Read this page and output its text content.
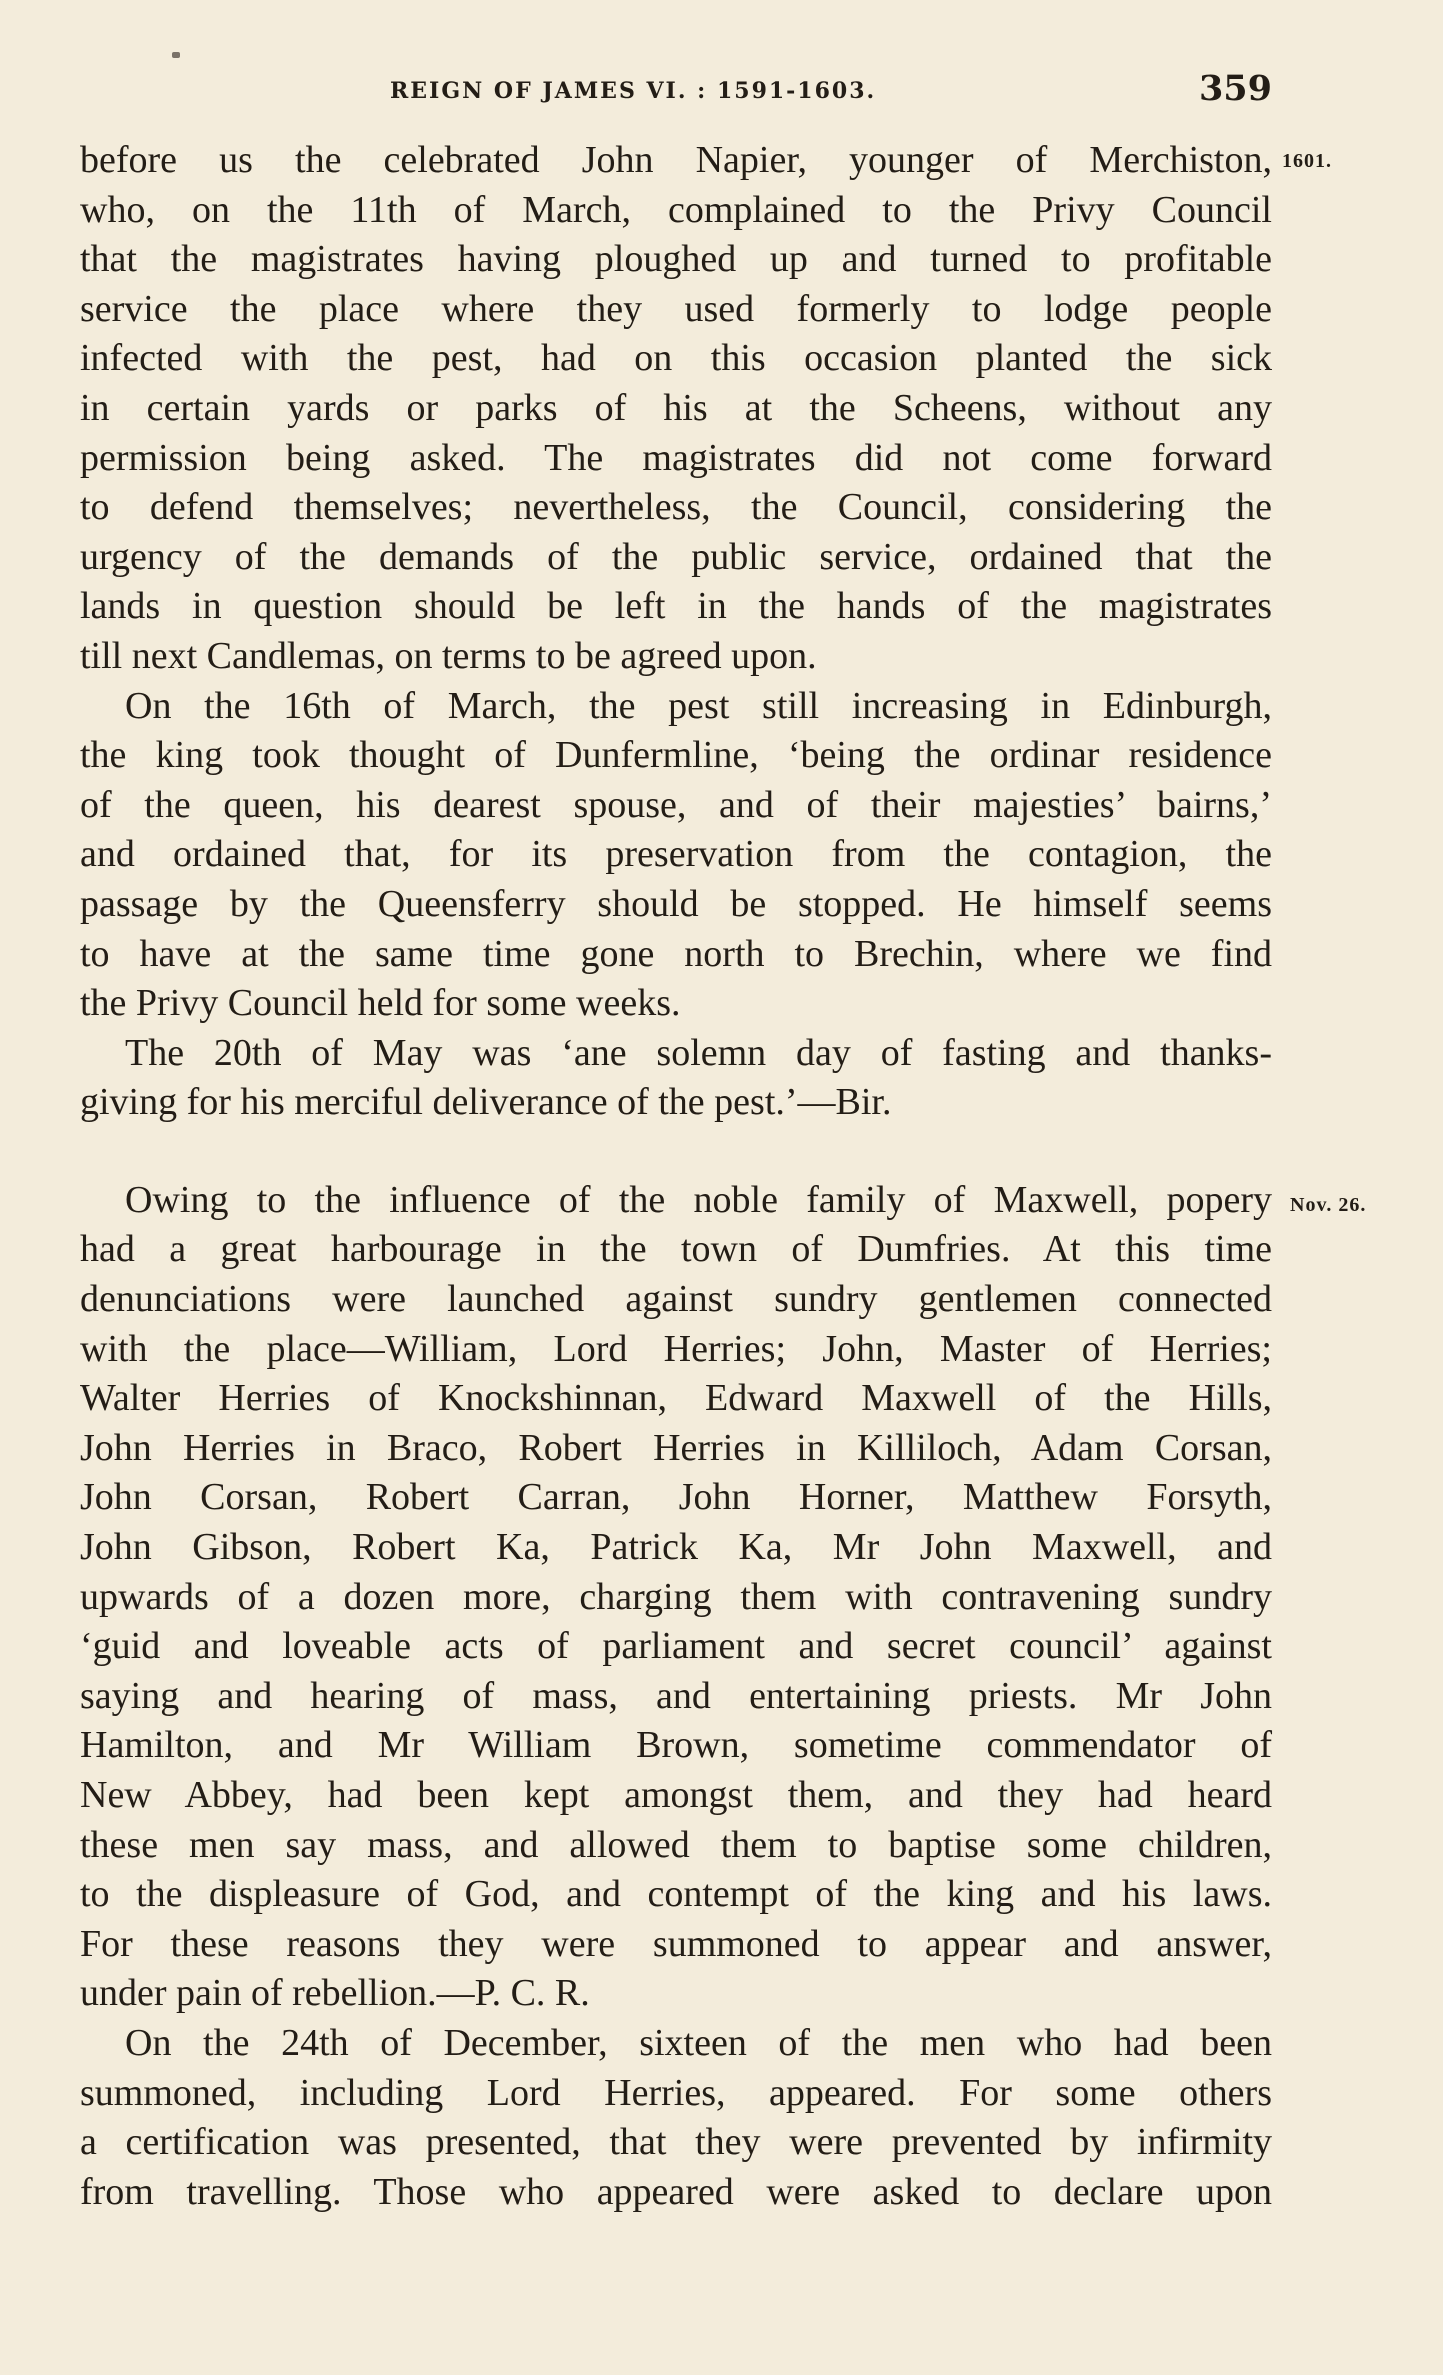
REIGN OF JAMES VI. : 1591-1603.	359
1601.
Nov. 26.
before us the celebrated John Napier, younger of Merchiston,
who, on the 11th of March, complained to the Privy Council
that the magistrates having ploughed up and turned to profitable
service the place where they used formerly to lodge people
infected with the pest, had on this occasion planted the sick
in certain yards or parks of his at the Scheens, without any
permission being asked. The magistrates did not come forward
to defend themselves; nevertheless, the Council, considering the
urgency of the demands of the public service, ordained that the
lands in question should be left in the hands of the magistrates
till next Candlemas, on terms to be agreed upon.
On the 16th of March, the pest still increasing in Edinburgh,
the king took thought of Dunfermline, ‘being the ordinar residence
of the queen, his dearest spouse, and of their majesties’ bairns,’
and ordained that, for its preservation from the contagion, the
passage by the Queensferry should be stopped. He himself seems
to have at the same time gone north to Brechin, where we find
the Privy Council held for some weeks.
The 20th of May was ‘ane solemn day of fasting and thanks-
giving for his merciful deliverance of the pest.’—Bir.
Owing to the influence of the noble family of Maxwell, popery
had a great harbourage in the town of Dumfries. At this time
denunciations were launched against sundry gentlemen connected
with the place—William, Lord Herries; John, Master of Herries;
Walter Herries of Knockshinnan, Edward Maxwell of the Hills,
John Herries in Braco, Robert Herries in Killiloch, Adam Corsan,
John Corsan, Robert Carran, John Horner, Matthew Forsyth,
John Gibson, Robert Ka, Patrick Ka, Mr John Maxwell, and
upwards of a dozen more, charging them with contravening sundry
‘guid and loveable acts of parliament and secret council’ against
saying and hearing of mass, and entertaining priests. Mr John
Hamilton, and Mr William Brown, sometime commendator of
New Abbey, had been kept amongst them, and they had heard
these men say mass, and allowed them to baptise some children,
to the displeasure of God, and contempt of the king and his laws.
For these reasons they were summoned to appear and answer,
under pain of rebellion.—P. C. R.
On the 24th of December, sixteen of the men who had been
summoned, including Lord Herries, appeared. For some others
a certification was presented, that they were prevented by infirmity
from travelling. Those who appeared were asked to declare upon
